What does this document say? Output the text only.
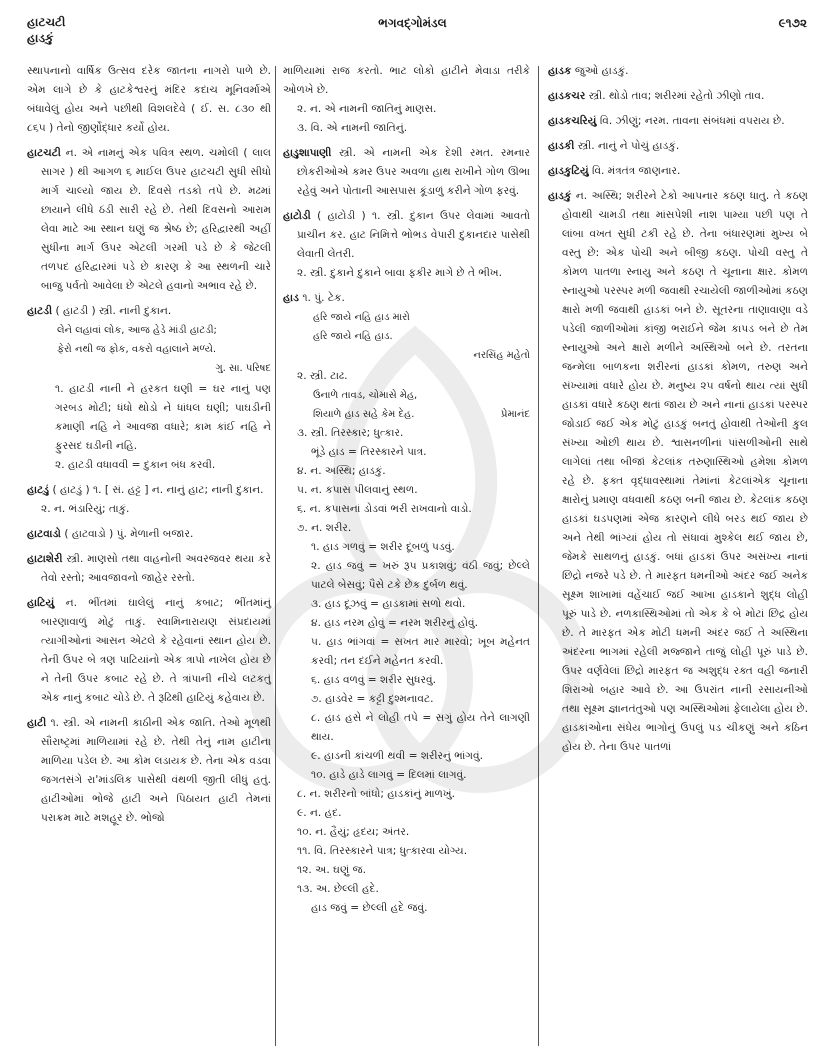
હાટચટી
હાડકું
ભગવદ્ગોમંડલ	૯૧૭૨

સ્થાપનાનો વાર્ષિક ઉત્સવ દરેક જાતના નાગરો પાળે છે. એમ લાગે છે કે હાટકેશ્વરનું મંદિર કદાચ મૂનિવર્માએ બંધાવેલું હોય અને પછીથી વિશલદેવે ( ઈ. સ. ૮૩૦ થી ૮૬૫ ) તેનો જીર્ણોદ્ધાર કર્યો હોય.

હાટચટી ન. એ નામનું એક પવિત્ર સ્થળ. ચમોલી ( લાલ સાગર ) થી આગળ ૬ માઈલ ઉપર હાટચટી સુધી સીધો માર્ગ ચાલ્યો જાય છે. દિવસે તડકો તપે છે. મઢમાં છાયાને લીધે ઠંડી સારી રહે છે. તેથી દિવસનો આરામ લેવા માટે આ સ્થાન ઘણું જ શ્રેષ્ઠ છે; હરિદ્વારથી અહીં સુધીના માર્ગ ઉપર એટલી ગરમી પડે છે કે જેટલી તળપદ હરિદ્વારમાં પડે છે કારણ કે આ સ્થળની ચારે બાજુ પર્વતો આવેલા છે એટલે હવાનો અભાવ રહે છે.

હાટડી ( હાટડી ) સ્ત્રી. નાની દુકાન.

લેને લહાવાં લોક, આજ હેડે માંડી હાટડી;

ફેરો નથી જ ફોક, વકરો વહાલાને મળ્યે.

ગુ. સા. પરિષદ

૧. હાટડી નાની ને હરકત ઘણી = ઘર નાનું પણ ગરબડ મોટી; ધંધો થોડો ને ધાંધલ ઘણી; પાઘડીની કમાણી નહિ ને આવજા વધારે; કામ કાંઈ નહિ ને ફુરસદ ઘડીની નહિ.

૨. હાટડી વધાવવી = દુકાન બંધ કરવી.

હાટડું ( હાટડું ) ૧. [ સં. હટ્ટ ] ન. નાનું હાટ; નાની દુકાન.

૨. ન. ભંડારિયું; તાકું.

હાટવાડો ( હાટવાડો ) પું. મેળાની બજાર.

હાટાશેરી સ્ત્રી. માણસો તથા વાહનોની અવરજવર થયા કરે તેવો રસ્તો; આવજાવનો જાહેર રસ્તો.

હાટિયું ન. ભીંતમાં ઘાલેલું નાનું કબાટ; ભીંતમાંનું બારણાવાળું મોટું તાકું. સ્વામિનારાયણ સંપ્રદાયમાં ત્યાગીઓનાં આસન એટલે કે રહેવાનાં સ્થાન હોય છે. તેની ઉપર બે ત્રણ પાટિયાંનો એક ત્રાપો નાખેલ હોય છે ને તેની ઉપર કબાટ રહે છે. તે ત્રાંપાની નીચે લટકતું એક નાનું કબાટ ચોડે છે. તે રૂઢિથી હાટિયું કહેવાય છે.

હાટી ૧. સ્ત્રી. એ નામની કાઠીની એક જાતિ. તેઓ મૂળથી સૌરાષ્ટ્રમાં માળિયામાં રહે છે. તેથી તેનું નામ હાટીના માળિયા પડેલ છે. આ કોમ લડાયક છે. તેના એક વડવા જગતસંગે રા'માંડલિક પાસેથી વંથળી જીતી લીધું હતું. હાટીઓમાં ભોજે હાટી અને પિઠાયત હાટી તેમનાં પરાક્રમ માટે મશહૂર છે. ભોજો

માળિયામાં રાજ કરતો. ભાટ લોકો હાટીને મેવાડા તરીકે ઓળખે છે.

૨. ન. એ નામની જાતિનું માણસ.

૩. વિ. એ નામની જાતિનું.

હાડુશાપાણી સ્ત્રી. એ નામની એક દેશી રમત. રમનાર છોકરીઓએ કમર ઉપર અવળા હાથ રાખીને ગોળ ઊભા રહેવું અને પોતાની આસપાસ કૂંડાળું કરીને ગોળ ફરવું.

હાટોડી ( હાટોડી ) ૧. સ્ત્રી. દુકાન ઉપર લેવામાં આવતો પ્રાચીન કર. હાટ નિમિત્તે ભોભડ વેપારી દુકાનદાર પાસેથી લેવાતી લેતરી.

૨. સ્ત્રી. દુકાને દુકાને બાવા ફકીર માગે છે તે ભીખ.

હાડ ૧. પું. ટેક.

હરિ જાયે નહિ હાડ મારો

હરિ જાયે નહિ હાડ.

નરસિંહ મહેતો

૨. સ્ત્રી. ટાઢ.

ઉનાળે તાવડ, ચોમાસે મેહ,

શિયાળે હાડ સહે કેમ દેહ.	પ્રેમાનંદ

૩. સ્ત્રી. તિરસ્કાર; ધુત્કાર.

ભૂંડે હાડ = તિરસ્કારને પાત્ર.

૪. ન. અસ્થિ; હાડકું.

૫. ન. કપાસ પીલવાનું સ્થળ.

૬. ન. કપાસનાં ડોડવાં ભરી રાખવાનો વાડો.

૭. ન. શરીર.

૧. હાડ ગળવું = શરીર દૂબળું પડવું.

૨. હાડ જવું = ખરું રૂપ પ્રકાશવું; વંઠી જવું; છેલ્લે પાટલે બેસવું; પૈસે ટકે છેક દુર્બળ થવું.

૩. હાડ દૂઝવું = હાડકામાં સળો થવો.

૪. હાડ નરમ હોવું = નરમ શરીરનું હોવું.

૫. હાડ ભાંગવાં = સખત માર મારવો; ખૂબ મહેનત કરવી; તન દઈને મહેનત કરવી.

૬. હાડ વળવું = શરીર સુધરવું.

૭. હાડવેર = કટ્ટી દુશ્મનાવટ.

૮. હાડ હસે ને લોહી તપે = સગું હોય તેને લાગણી થાય.

૯. હાડની કાંચળી થવી = શરીરનું ભાંગવું.

૧૦. હાડે હાડે લાગવું = દિલમાં લાગવું.

૮. ન. શરીરનો બાંધો; હાડકાંનું માળખું.

૯. ન. હદ.

૧૦. ન. હૈયું; હૃદય; અંતર.

૧૧. વિ. તિરસ્કારને પાત્ર; ધુત્કારવા યોગ્ય.

૧૨. અ. ઘણું જ.

૧૩. અ. છેલ્લી હદે.

હાડ જવું = છેલ્લી હદે જવું.

હાડક જુઓ હાડકું.

હાડકચર સ્ત્રી. થોડો તાવ; શરીરમાં રહેતો ઝીણો તાવ.

હાડકચરિયું વિ. ઝીણું; નરમ. તાવના સંબંધમાં વપરાય છે.

હાડકી સ્ત્રી. નાનું ને પોચું હાડકું.

હાડકુટિયું વિ. મંત્રતંત્ર જાણનાર.

હાડકું ન. અસ્થિ; શરીરને ટેકો આપનાર કઠણ ધાતુ. તે કઠણ હોવાથી ચામડી તથા માંસપેશી નાશ પામ્યા પછી પણ તે લાંબા વખત સુધી ટકી રહે છે. તેના બંધારણમાં મુખ્ય બે વસ્તુ છે: એક પોચી અને બીજી કઠણ. પોચી વસ્તુ તે કોમળ પાતળા સ્નાયુ અને કઠણ તે ચૂનાના ક્ષાર. કોમળ સ્નાયુઓ પરસ્પર મળી જવાથી રચાયેલી જાળીઓમાં કઠણ ક્ષારો મળી જવાથી હાડકાં બને છે. સૂતરના તાણાવાણા વડે પડેલી જાળીઓમાં કાંજી ભરાઈને જેમ કાપડ બને છે તેમ સ્નાયુઓ અને ક્ષારો મળીને અસ્થિઓ બને છે. તરતના જન્મેલા બાળકના શરીરનાં હાડકાં કોમળ, તરુણ અને સંખ્યામાં વધારે હોય છે. મનુષ્ય ૨૫ વર્ષનો થાય ત્યાં સુધી હાડકાં વધારે કઠણ થતાં જાય છે અને નાનાં હાડકાં પરસ્પર જોડાઈ જઈ એક મોટું હાડકું બનતું હોવાથી તેઓની કુલ સંખ્યા ઓછી થાય છે. શ્વાસનળીનાં પાંસળીઓની સાથે લાગેલાં તથા બીજાં કેટલાંક તરુણાસ્થિઓ હમેશા કોમળ રહે છે. ફક્ત વૃદ્ધાવસ્થામાં તેમાંનાં કેટલાંએક ચૂનાના ક્ષારોનું પ્રમાણ વધવાથી કઠણ બની જાય છે. કેટલાંક કઠણ હાડકાં ઘડપણમાં એજ કારણને લીધે બરડ થઈ જાય છે અને તેથી ભાંગ્યાં હોય તો સંધાવાં મુશ્કેલ થઈ જાય છે, જેમકે સાથળનું હાડકું. બધાં હાડકાં ઉપર અસંખ્ય નાનાં છિદ્રો નજરે પડે છે. તે મારફત ધમનીઓ અંદર જઈ અનેક સૂક્ષ્મ શાખામાં વહેંચાઈ જઈ આખા હાડકાને શુદ્ધ લોહી પૂરું પાડે છે. નળકાસ્થિઓમાં તો એક કે બે મોટાં છિદ્ર હોય છે. તે મારફત એક મોટી ધમની અંદર જઈ તે અસ્થિના અંદરના ભાગમાં રહેલી મજ્જાને તાજું લોહી પૂરું પાડે છે. ઉપર વર્ણવેલાં છિદ્રો મારફત જ અશુદ્ધ રક્ત વહી જનારી શિરાઓ બહાર આવે છે. આ ઉપરાંત નાની રસાયનીઓ તથા સૂક્ષ્મ જ્ઞાનતંતુઓ પણ અસ્થિઓમાં ફેલાયેલા હોય છે. હાડકાંઓના સંધેય ભાગોનું ઉપલું પડ ચીકણું અને કઠિન હોય છે. તેના ઉપર પાતળાં
